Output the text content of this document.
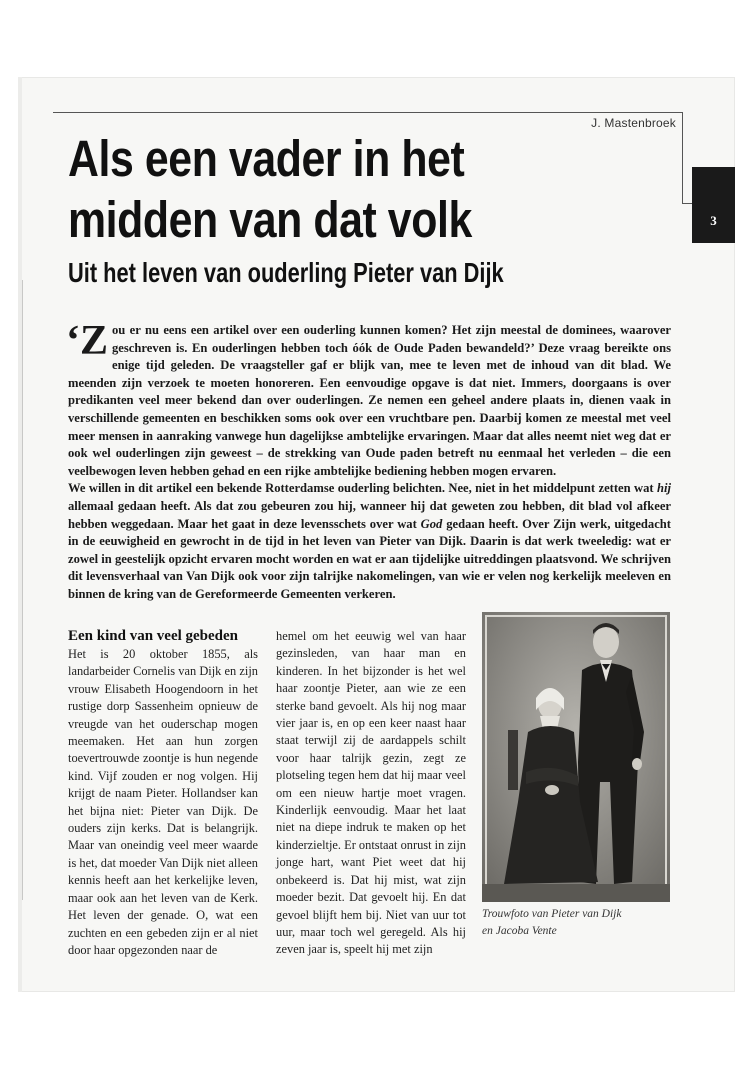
J. Mastenbroek
3
Als een vader in het midden van dat volk
Uit het leven van ouderling Pieter van Dijk

‘Zou er nu eens een artikel over een ouderling kunnen komen? Het zijn meestal de dominees, waarover geschreven is. En ouderlingen hebben toch óók de Oude Paden bewandeld?’ Deze vraag bereikte ons enige tijd geleden. De vraagsteller gaf er blijk van, mee te leven met de inhoud van dit blad. We meenden zijn verzoek te moeten honoreren. Een eenvoudige opgave is dat niet. Immers, doorgaans is over predikanten veel meer bekend dan over ouderlingen. Ze nemen een geheel andere plaats in, dienen vaak in verschillende gemeenten en beschikken soms ook over een vruchtbare pen. Daarbij komen ze meestal met veel meer mensen in aanraking vanwege hun dagelijkse ambtelijke ervaringen. Maar dat alles neemt niet weg dat er ook wel ouderlingen zijn geweest – de strekking van Oude paden betreft nu eenmaal het verleden – die een veelbewogen leven hebben gehad en een rijke ambtelijke bediening hebben mogen ervaren.

We willen in dit artikel een bekende Rotterdamse ouderling belichten. Nee, niet in het middelpunt zetten wat hij allemaal gedaan heeft. Als dat zou gebeuren zou hij, wanneer hij dat geweten zou hebben, dit blad vol afkeer hebben weggedaan. Maar het gaat in deze levensschets over wat God gedaan heeft. Over Zijn werk, uitgedacht in de eeuwigheid en gewrocht in de tijd in het leven van Pieter van Dijk. Daarin is dat werk tweeledig: wat er zowel in geestelijk opzicht ervaren mocht worden en wat er aan tijdelijke uitreddingen plaatsvond. We schrijven dit levensverhaal van Van Dijk ook voor zijn talrijke nakomelingen, van wie er velen nog kerkelijk meeleven en binnen de kring van de Gereformeerde Gemeenten verkeren.

Een kind van veel gebeden

Het is 20 oktober 1855, als landarbeider Cornelis van Dijk en zijn vrouw Elisabeth Hoogendoorn in het rustige dorp Sassenheim opnieuw de vreugde van het ouderschap mogen meemaken. Het aan hun zorgen toevertrouwde zoontje is hun negende kind. Vijf zouden er nog volgen. Hij krijgt de naam Pieter. Hollandser kan het bijna niet: Pieter van Dijk. De ouders zijn kerks. Dat is belangrijk. Maar van oneindig veel meer waarde is het, dat moeder Van Dijk niet alleen kennis heeft aan het kerkelijke leven, maar ook aan het leven van de Kerk. Het leven der genade. O, wat een zuchten en een gebeden zijn er al niet door haar opgezonden naar de

hemel om het eeuwig wel van haar gezinsleden, van haar man en kinderen. In het bijzonder is het wel haar zoontje Pieter, aan wie ze een sterke band gevoelt. Als hij nog maar vier jaar is, en op een keer naast haar staat terwijl zij de aardappels schilt voor haar talrijk gezin, zegt ze plotseling tegen hem dat hij maar veel om een nieuw hartje moet vragen. Kinderlijk eenvoudig. Maar het laat niet na diepe indruk te maken op het kinderzieltje. Er ontstaat onrust in zijn jonge hart, want Piet weet dat hij onbekeerd is. Dat hij mist, wat zijn moeder bezit. Dat gevoelt hij. En dat gevoel blijft hem bij. Niet van uur tot uur, maar toch wel geregeld. Als hij zeven jaar is, speelt hij met zijn

Trouwfoto van Pieter van Dijk
en Jacoba Vente
